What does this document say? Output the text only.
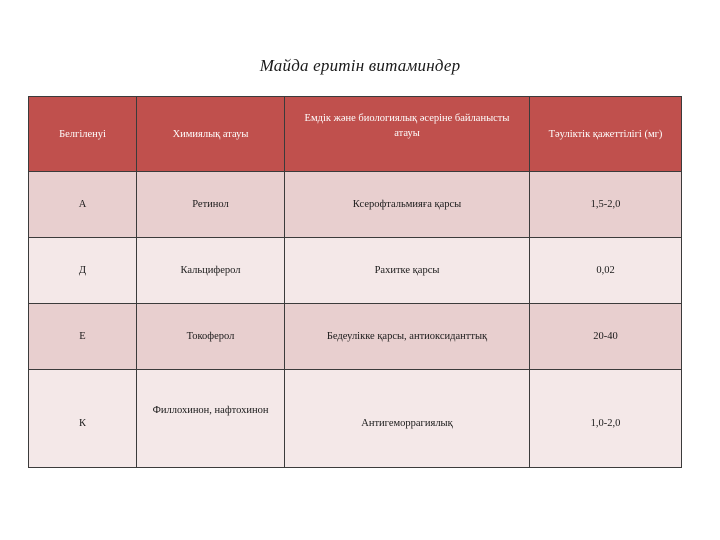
Майда еритін витаминдер
Белгіленуі	Химиялық атауы	Емдік және биологиялық әсеріне байланысты атауы	Тәуліктік қажеттілігі (мг)
А	Ретинол	Ксерофтальмияға қарсы	1,5-2,0
Д	Кальциферол	Рахитке қарсы	0,02
Е	Токоферол	Бедеулікке қарсы, антиоксиданттық	20-40
К	Филлохинон, нафтохинон	Антигеморрагиялық	1,0-2,0
